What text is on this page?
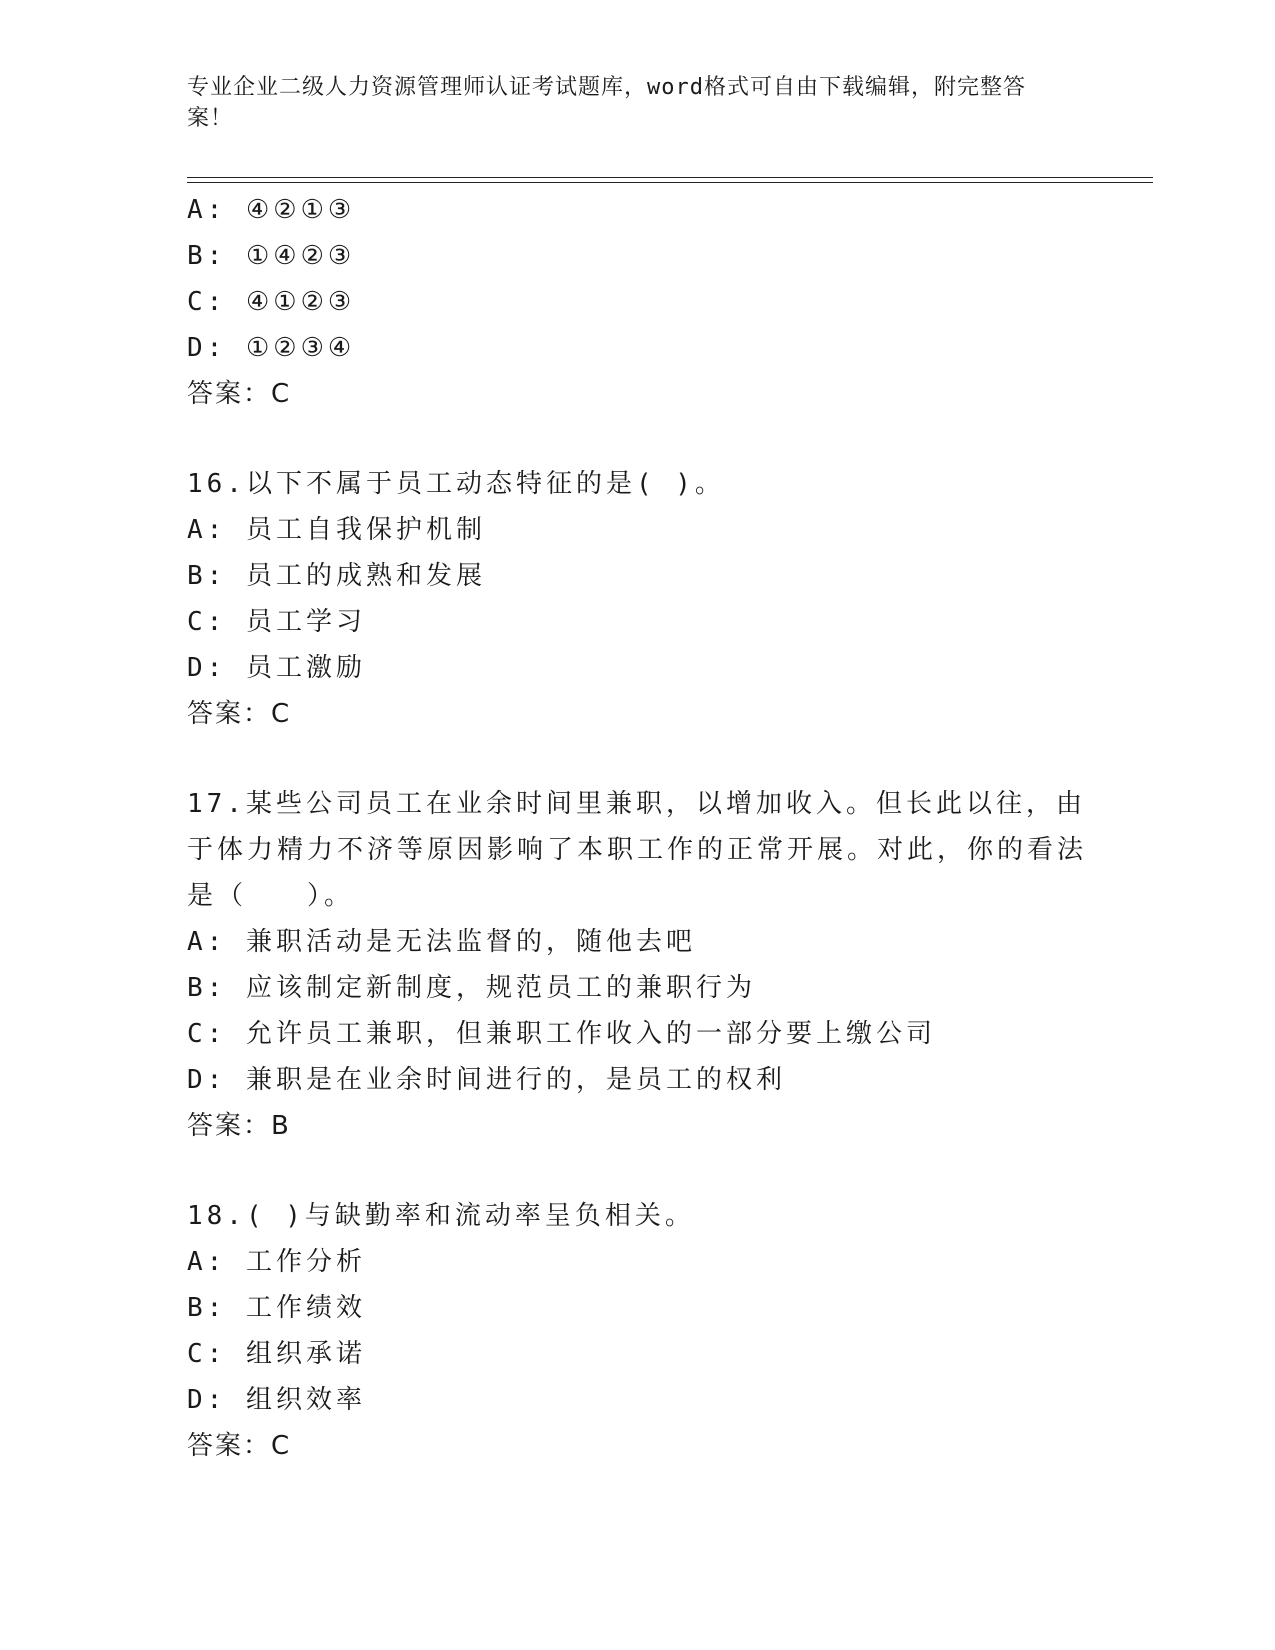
专业企业二级人力资源管理师认证考试题库，word格式可自由下载编辑，附完整答案！
A: ④②①③
B: ①④②③
C: ④①②③
D: ①②③④
答案：C
16.以下不属于员工动态特征的是( )。
A: 员工自我保护机制
B: 员工的成熟和发展
C: 员工学习
D: 员工激励
答案：C
17.某些公司员工在业余时间里兼职，以增加收入。但长此以往，由于体力精力不济等原因影响了本职工作的正常开展。对此，你的看法是（　　）。
A: 兼职活动是无法监督的，随他去吧
B: 应该制定新制度，规范员工的兼职行为
C: 允许员工兼职，但兼职工作收入的一部分要上缴公司
D: 兼职是在业余时间进行的，是员工的权利
答案：B
18.( )与缺勤率和流动率呈负相关。
A: 工作分析
B: 工作绩效
C: 组织承诺
D: 组织效率
答案：C
